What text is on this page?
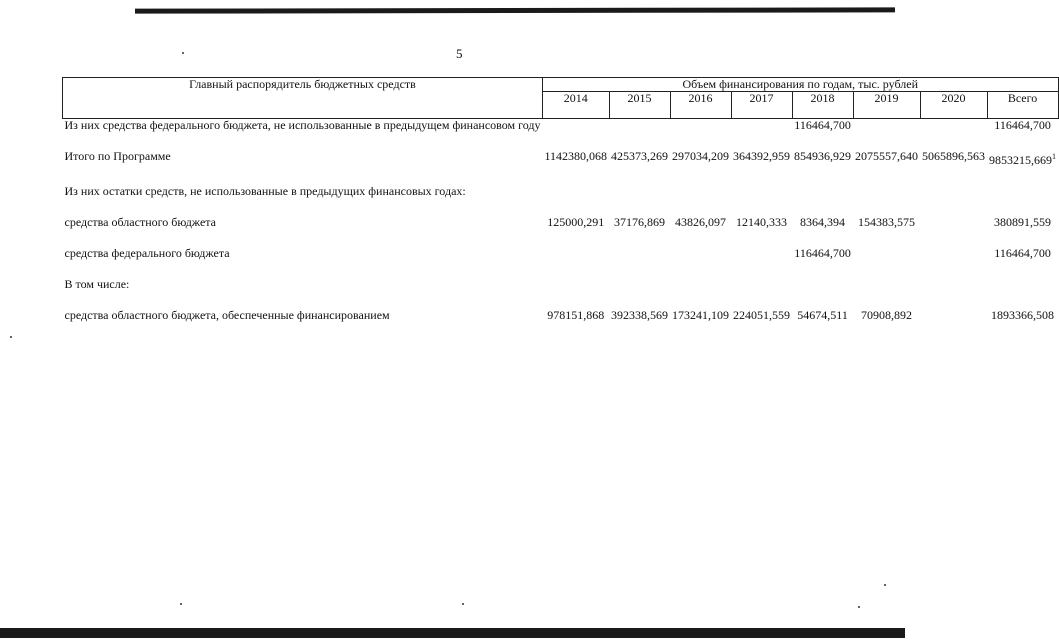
5
Главный распорядитель бюджетных средств	Объем финансирования по годам, тыс. рублей							
	2014	2015	2016	2017	2018	2019	2020	Всего
Из них средства федерального бюджета, не использованные в предыдущем финансовом году					116464,700			116464,700

Итого по Программе	1142380,068	425373,269	297034,209	364392,959	854936,929	2075557,640	5065896,563	9853215,669$^1$

Из них остатки средств, не использованные в предыдущих финансовых годах:								

средства областного бюджета	125000,291	37176,869	43826,097	12140,333	8364,394	154383,575		380891,559

средства федерального бюджета					116464,700			116464,700

В том числе:								

средства областного бюджета, обеспеченные финансированием	978151,868	392338,569	173241,109	224051,559	54674,511	70908,892		1893366,508
